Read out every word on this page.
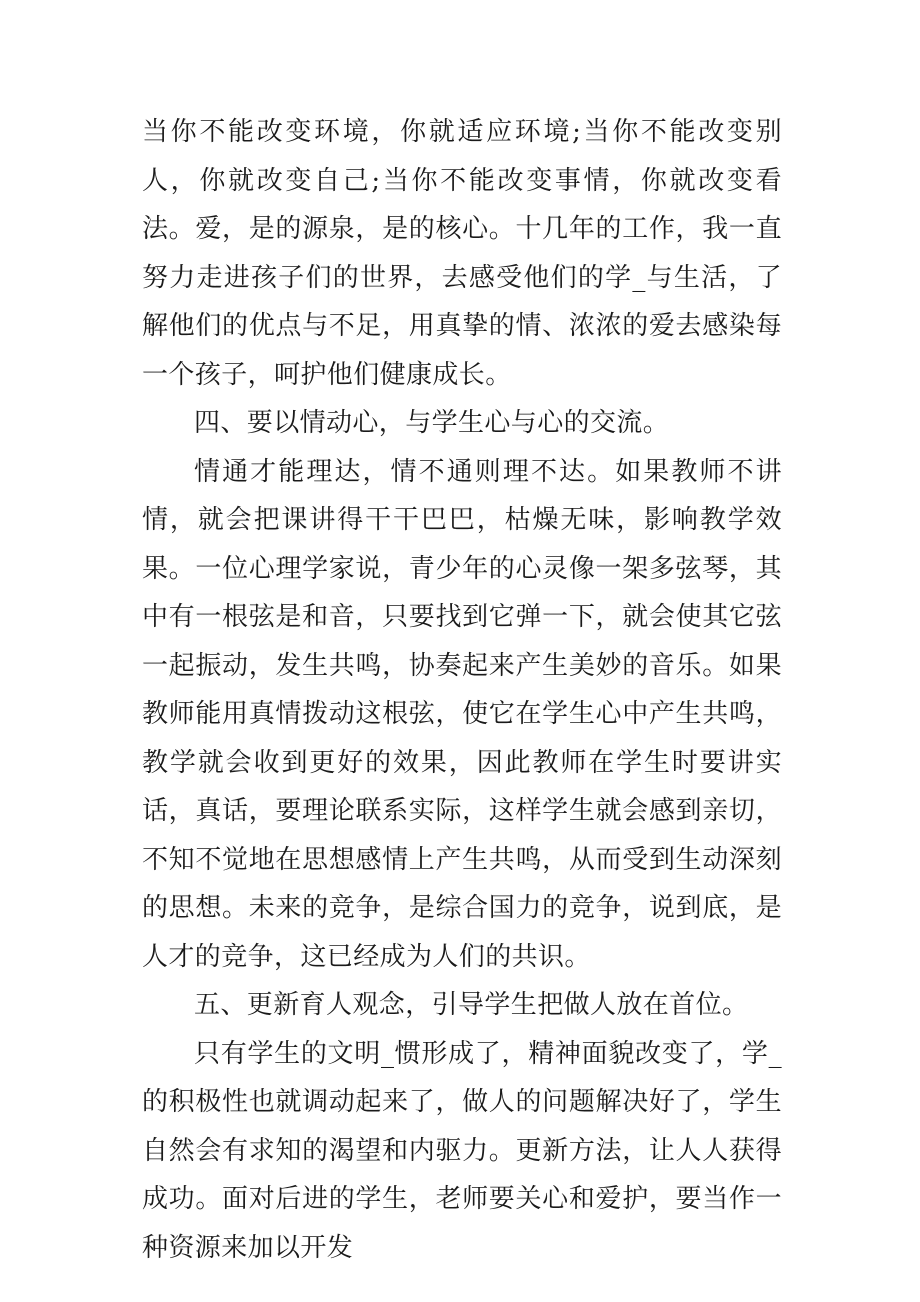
当你不能改变环境，你就适应环境;当你不能改变别人，你就改变自己;当你不能改变事情，你就改变看法。爱，是的源泉，是的核心。十几年的工作，我一直努力走进孩子们的世界，去感受他们的学_与生活，了解他们的优点与不足，用真挚的情、浓浓的爱去感染每一个孩子，呵护他们健康成长。

四、要以情动心，与学生心与心的交流。

情通才能理达，情不通则理不达。如果教师不讲情，就会把课讲得干干巴巴，枯燥无味，影响教学效果。一位心理学家说，青少年的心灵像一架多弦琴，其中有一根弦是和音，只要找到它弹一下，就会使其它弦一起振动，发生共鸣，协奏起来产生美妙的音乐。如果教师能用真情拨动这根弦，使它在学生心中产生共鸣，教学就会收到更好的效果，因此教师在学生时要讲实话，真话，要理论联系实际，这样学生就会感到亲切，不知不觉地在思想感情上产生共鸣，从而受到生动深刻的思想。未来的竞争，是综合国力的竞争，说到底，是人才的竞争，这已经成为人们的共识。

五、更新育人观念，引导学生把做人放在首位。

只有学生的文明_惯形成了，精神面貌改变了，学_的积极性也就调动起来了，做人的问题解决好了，学生自然会有求知的渴望和内驱力。更新方法，让人人获得成功。面对后进的学生，老师要关心和爱护，要当作一种资源来加以开发
